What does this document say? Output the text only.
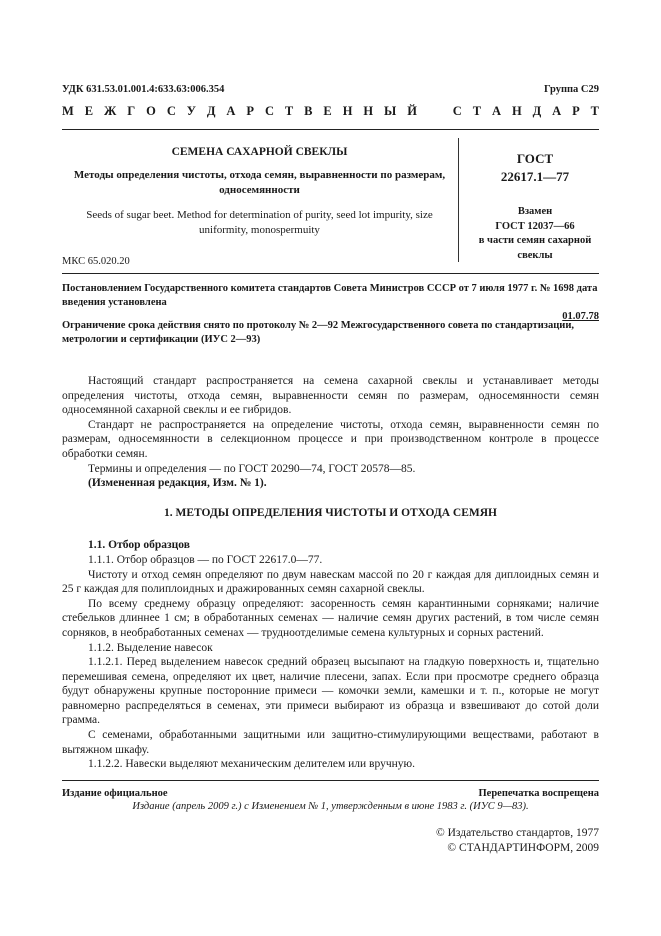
УДК 631.53.01.001.4:633.63:006.354	Группа С29
М Е Ж Г О С У Д А Р С Т В Е Н Н Ы Й	С Т А Н Д А Р Т
СЕМЕНА САХАРНОЙ СВЕКЛЫ
Методы определения чистоты, отхода семян, выравненности по размерам, односемянности
Seeds of sugar beet. Method for determination of purity, seed lot impurity, size uniformity, monospermuity
ГОСТ
22617.1—77
Взамен
ГОСТ 12037—66
в части семян сахарной
свеклы
МКС 65.020.20
Постановлением Государственного комитета стандартов Совета Министров СССР от 7 июля 1977 г. № 1698 дата введения установлена
01.07.78
Ограничение срока действия снято по протоколу № 2—92 Межгосударственного совета по стандартизации, метрологии и сертификации (ИУС 2—93)

Настоящий стандарт распространяется на семена сахарной свеклы и устанавливает методы определения чистоты, отхода семян, выравненности семян по размерам, односемянности семян односемянной сахарной свеклы и ее гибридов.

Стандарт не распространяется на определение чистоты, отхода семян, выравненности семян по размерам, односемянности в селекционном процессе и при производственном контроле в процессе обработки семян.

Термины и определения — по ГОСТ 20290—74, ГОСТ 20578—85.

(Измененная редакция, Изм. № 1).

1. МЕТОДЫ ОПРЕДЕЛЕНИЯ ЧИСТОТЫ И ОТХОДА СЕМЯН

1.1. Отбор образцов

1.1.1. Отбор образцов — по ГОСТ 22617.0—77.

Чистоту и отход семян определяют по двум навескам массой по 20 г каждая для диплоидных семян и 25 г каждая для полиплоидных и дражированных семян сахарной свеклы.

По всему среднему образцу определяют: засоренность семян карантинными сорняками; наличие стебельков длиннее 1 см; в обработанных семенах — наличие семян других растений, в том числе семян сорняков, в необработанных семенах — трудноотделимые семена культурных и сорных растений.

1.1.2. Выделение навесок

1.1.2.1. Перед выделением навесок средний образец высыпают на гладкую поверхность и, тщательно перемешивая семена, определяют их цвет, наличие плесени, запах. Если при просмотре среднего образца будут обнаружены крупные посторонние примеси — комочки земли, камешки и т. п., которые не могут равномерно распределяться в семенах, эти примеси выбирают из образца и взвешивают до сотой доли грамма.

С семенами, обработанными защитными или защитно-стимулирующими веществами, работают в вытяжном шкафу.

1.1.2.2. Навески выделяют механическим делителем или вручную.

Издание официальное	Перепечатка воспрещена
Издание (апрель 2009 г.) с Изменением № 1, утвержденным в июне 1983 г. (ИУС 9—83).
© Издательство стандартов, 1977
© СТАНДАРТИНФОРМ, 2009
